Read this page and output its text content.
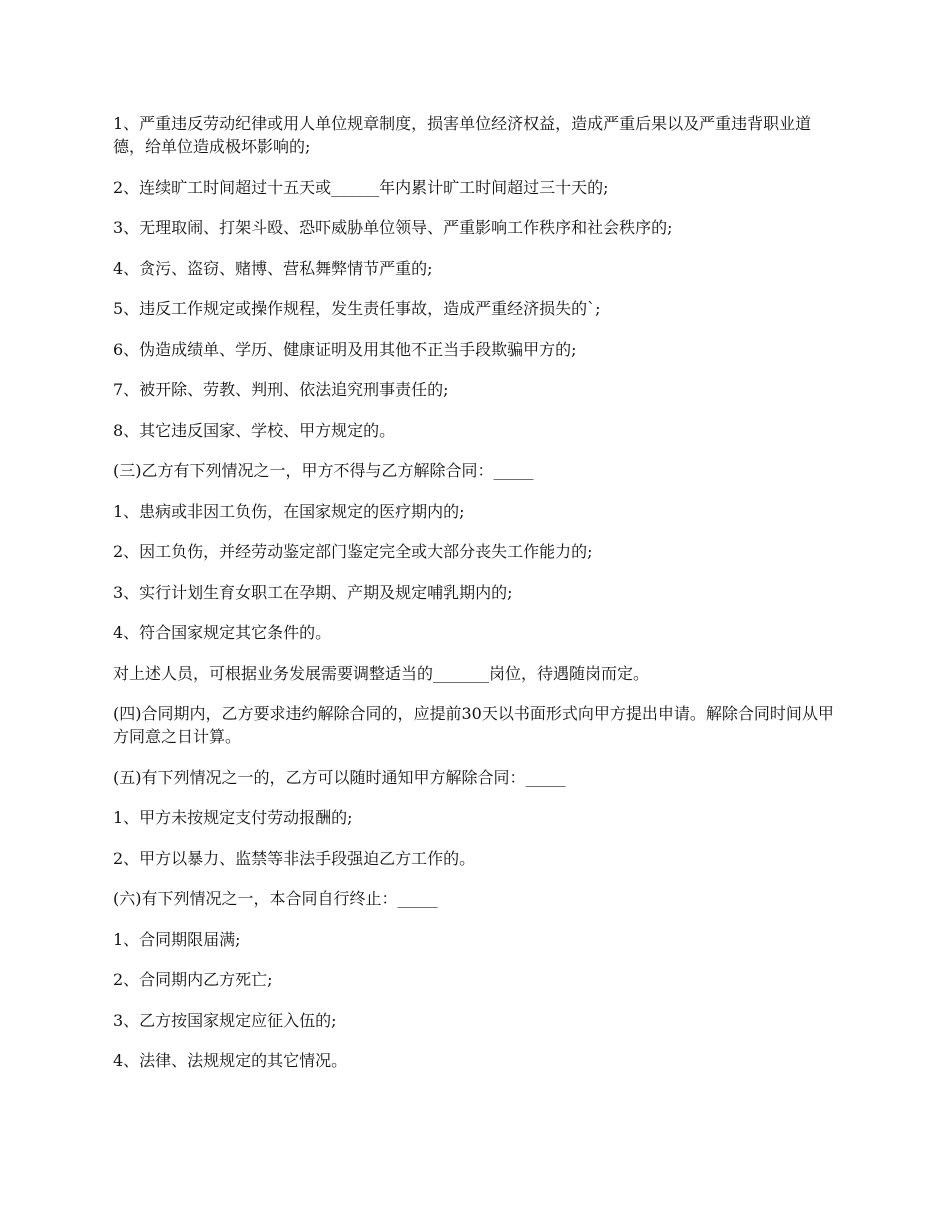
1、严重违反劳动纪律或用人单位规章制度，损害单位经济权益，造成严重后果以及严重违背职业道德，给单位造成极坏影响的;

2、连续旷工时间超过十五天或______年内累计旷工时间超过三十天的;

3、无理取闹、打架斗殴、恐吓威胁单位领导、严重影响工作秩序和社会秩序的;

4、贪污、盗窃、赌博、营私舞弊情节严重的;

5、违反工作规定或操作规程，发生责任事故，造成严重经济损失的`;

6、伪造成绩单、学历、健康证明及用其他不正当手段欺骗甲方的;

7、被开除、劳教、判刑、依法追究刑事责任的;

8、其它违反国家、学校、甲方规定的。

(三)乙方有下列情况之一，甲方不得与乙方解除合同：_____

1、患病或非因工负伤，在国家规定的医疗期内的;

2、因工负伤，并经劳动鉴定部门鉴定完全或大部分丧失工作能力的;

3、实行计划生育女职工在孕期、产期及规定哺乳期内的;

4、符合国家规定其它条件的。

对上述人员，可根据业务发展需要调整适当的_______岗位，待遇随岗而定。

(四)合同期内，乙方要求违约解除合同的，应提前30天以书面形式向甲方提出申请。解除合同时间从甲方同意之日计算。

(五)有下列情况之一的，乙方可以随时通知甲方解除合同：_____

1、甲方未按规定支付劳动报酬的;

2、甲方以暴力、监禁等非法手段强迫乙方工作的。

(六)有下列情况之一，本合同自行终止：_____

1、合同期限届满;

2、合同期内乙方死亡;

3、乙方按国家规定应征入伍的;

4、法律、法规规定的其它情况。
